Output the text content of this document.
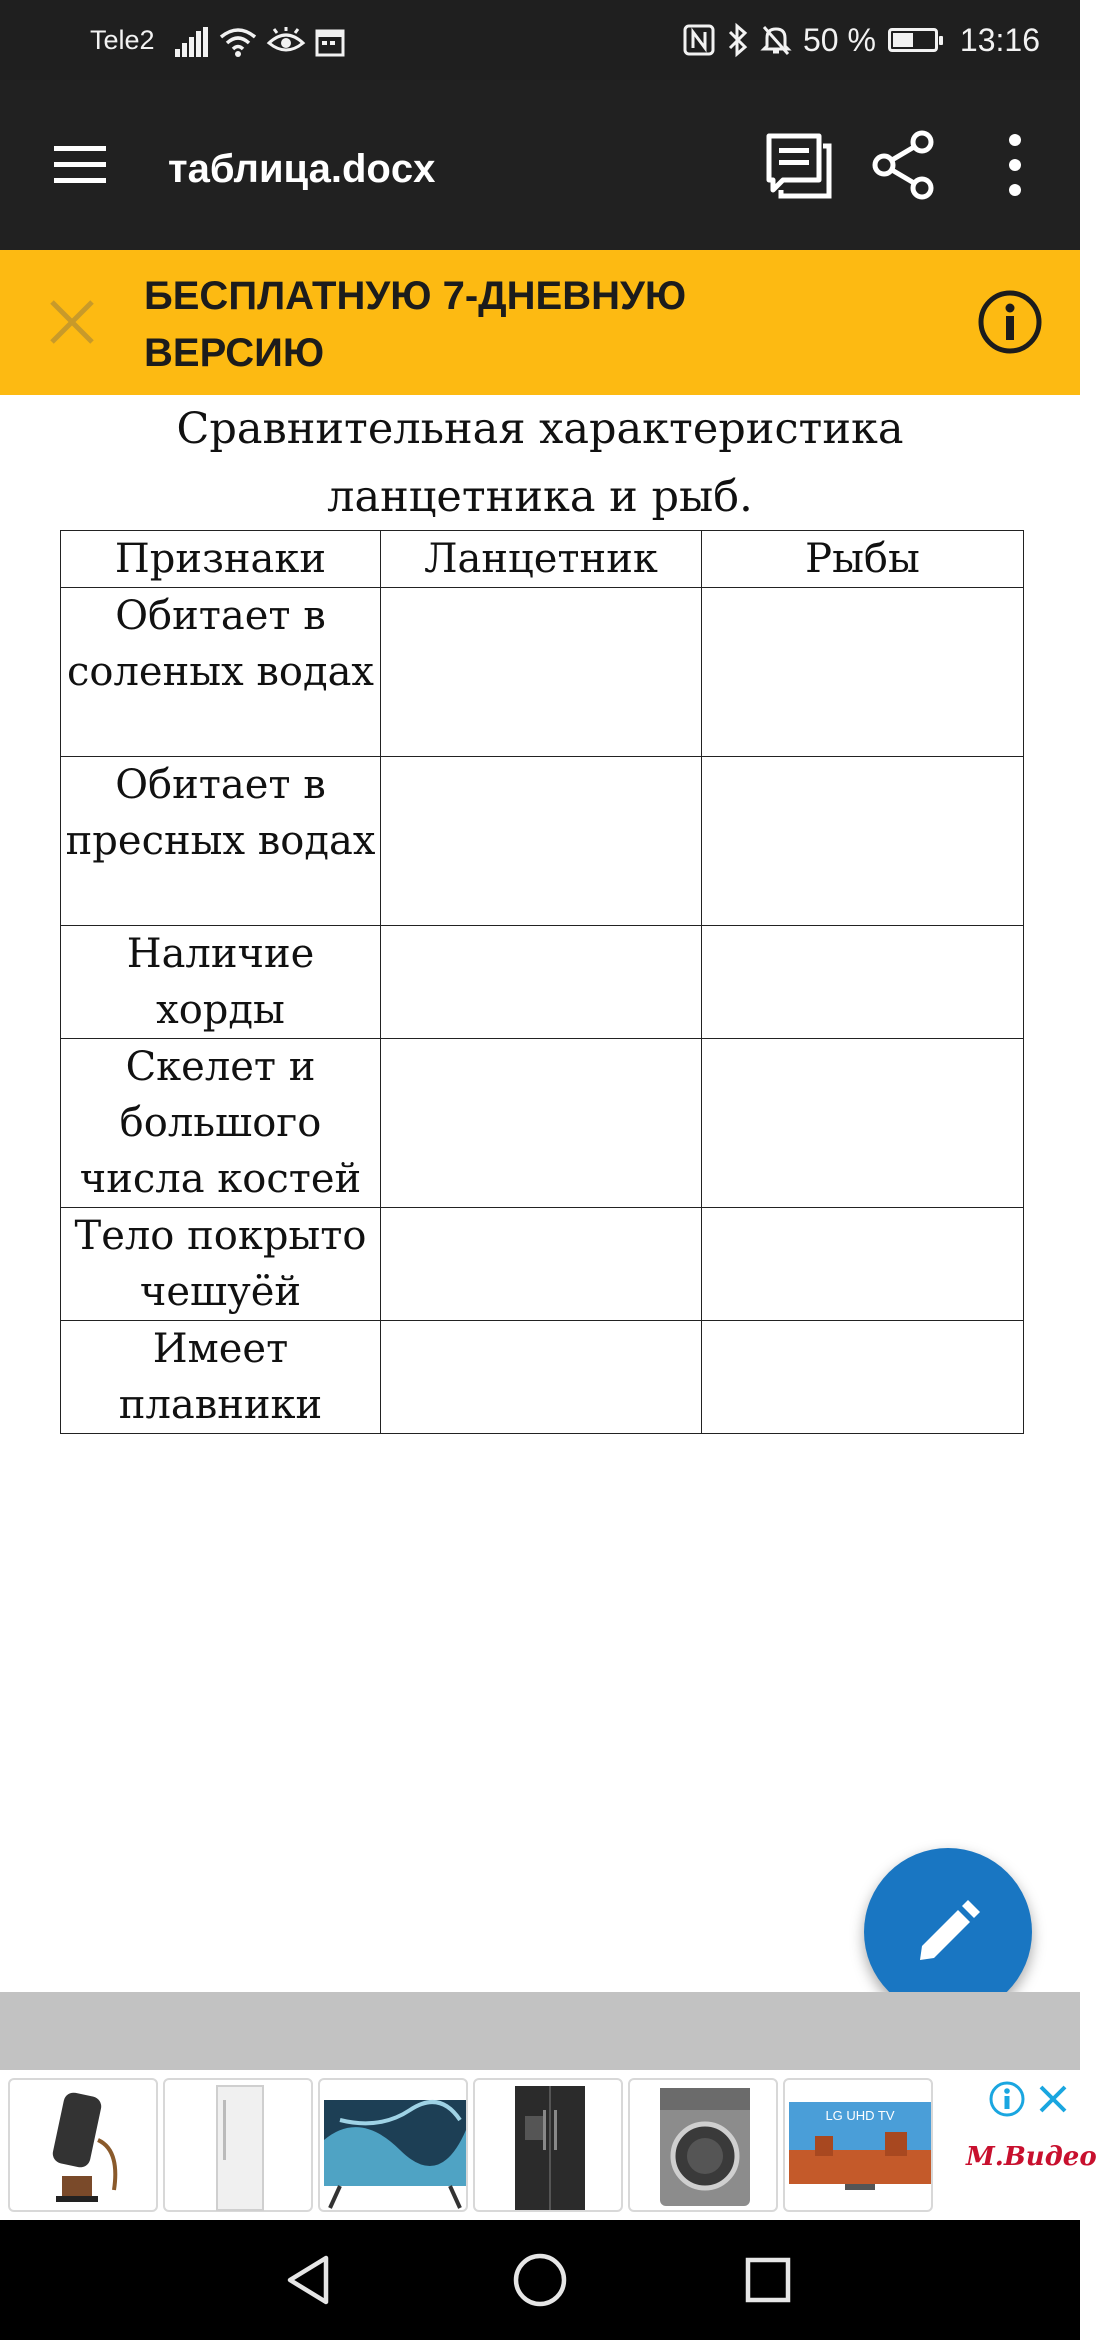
Tele2	50 %	13:16
таблица.docx
БЕСПЛАТНУЮ 7-ДНЕВНУЮ ВЕРСИЮ
Сравнительная характеристика
ланцетника и рыб.
Признаки	Ланцетник	Рыбы
Обитает в соленых водах		
Обитает в пресных водах		
Наличие хорды		
Скелет и большого числа костей		
Тело покрыто чешуёй		
Имеет плавники		
LG UHD TV
М.Видео
